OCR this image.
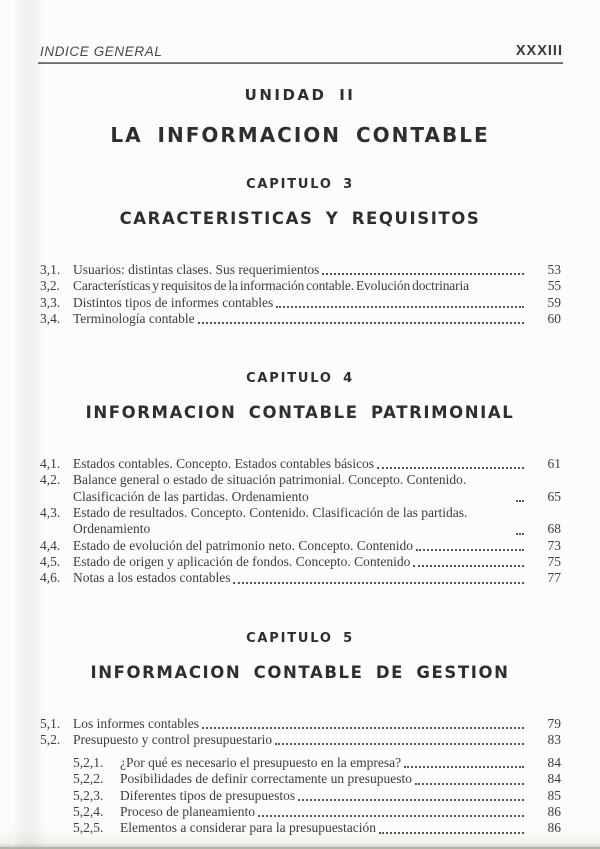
INDICE GENERAL	XXXIII
UNIDAD II
LA INFORMACION CONTABLE
CAPITULO 3
CARACTERISTICAS Y REQUISITOS
3,1. Usuarios: distintas clases. Sus requerimientos	53
3,2. Características y requisitos de la información contable. Evolución doctrinaria	55
3,3. Distintos tipos de informes contables	59
3,4. Terminología contable	60
CAPITULO 4
INFORMACION CONTABLE PATRIMONIAL
4,1. Estados contables. Concepto. Estados contables básicos	61
4,2. Balance general o estado de situación patrimonial. Concepto. Contenido. Clasificación de las partidas. Ordenamiento	65
4,3. Estado de resultados. Concepto. Contenido. Clasificación de las partidas. Ordenamiento	68
4,4. Estado de evolución del patrimonio neto. Concepto. Contenido	73
4,5. Estado de origen y aplicación de fondos. Concepto. Contenido	75
4,6. Notas a los estados contables	77
CAPITULO 5
INFORMACION CONTABLE DE GESTION
5,1. Los informes contables	79
5,2. Presupuesto y control presupuestario	83
5,2,1.	¿Por qué es necesario el presupuesto en la empresa?	84
5,2,2.	Posibilidades de definir correctamente un presupuesto	84
5,2,3.	Diferentes tipos de presupuestos	85
5,2,4.	Proceso de planeamiento	86
5,2,5.	Elementos a considerar para la presupuestación	86
